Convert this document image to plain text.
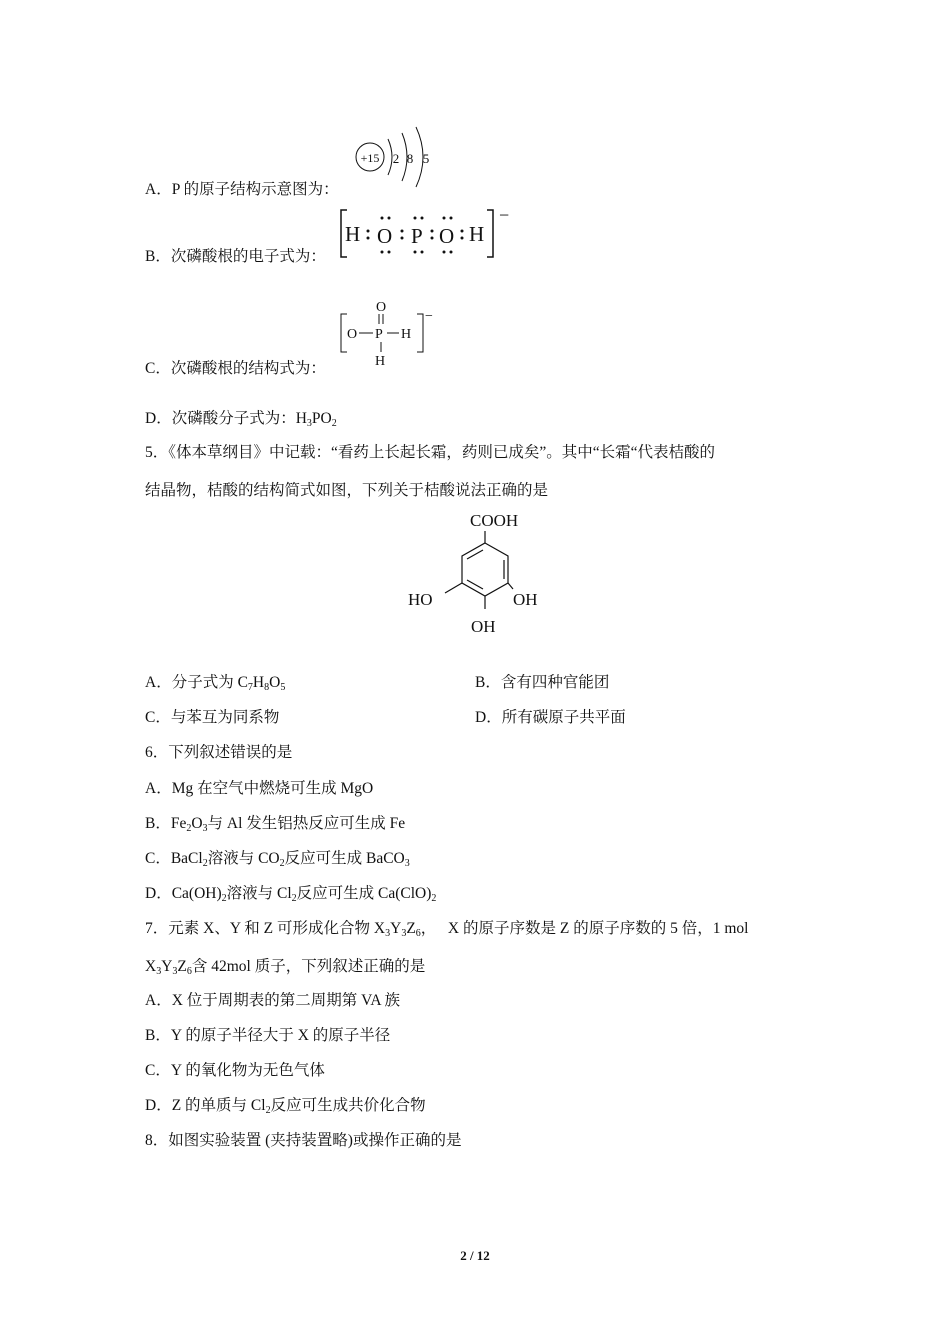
A．P 的原子结构示意图为：
+15 2 8 5
B．次磷酸根的电子式为：
−
H O P O H
C．次磷酸根的结构式为：
−
O
O P H
H
D．次磷酸分子式为：$H_3PO_2$
5．《体本草纲目》中记载：“看药上长起长霜，药则已成矣”。其中“长霜“代表桔酸的
结晶物，桔酸的结构简式如图，下列关于桔酸说法正确的是
COOH
HO	OH
OH
A．分子式为 $C_7H_8O_5$	B．含有四种官能团
C．与苯互为同系物	D．所有碳原子共平面
6．下列叙述错误的是
A．Mg 在空气中燃烧可生成 MgO
B．$Fe_2O_3$与 Al 发生铝热反应可生成 Fe
C．BaCl$_2$溶液与 $CO_2$反应可生成 BaCO$_3$
D．$Ca(OH)_2$溶液与 $Cl_2$反应可生成 $Ca(ClO)_2$
7．元素 X、Y 和 Z 可形成化合物 $X_3Y_3Z_6$，   X 的原子序数是 Z 的原子序数的 5 倍，1 mol
$X_3Y_3Z_6$含 42mol 质子，下列叙述正确的是
A．X 位于周期表的第二周期第 VA 族
B．Y 的原子半径大于 X 的原子半径
C．Y 的氧化物为无色气体
D．Z 的单质与 $Cl_2$反应可生成共价化合物
8．如图实验装置 (夹持装置略)或操作正确的是
2 / 12
